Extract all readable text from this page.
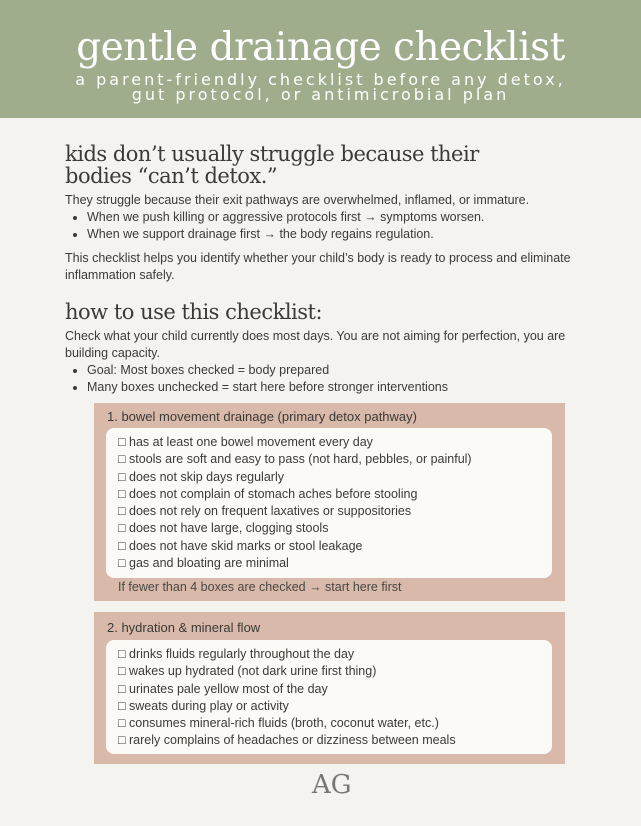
gentle drainage checklist
a parent-friendly checklist before any detox,
gut protocol, or antimicrobial plan
kids don’t usually struggle because their
bodies “can’t detox.”

They struggle because their exit pathways are overwhelmed, inflamed, or immature.

• When we push killing or aggressive protocols first → symptoms worsen.
• When we support drainage first → the body regains regulation.

This checklist helps you identify whether your child’s body is ready to process and eliminate inflammation safely.

how to use this checklist:

Check what your child currently does most days. You are not aiming for perfection, you are building capacity.

• Goal: Most boxes checked = body prepared
• Many boxes unchecked = start here before stronger interventions
1. bowel movement drainage (primary detox pathway)
□ has at least one bowel movement every day
□ stools are soft and easy to pass (not hard, pebbles, or painful)
□ does not skip days regularly
□ does not complain of stomach aches before stooling
□ does not rely on frequent laxatives or suppositories
□ does not have large, clogging stools
□ does not have skid marks or stool leakage
□ gas and bloating are minimal
If fewer than 4 boxes are checked → start here first
2. hydration & mineral flow
□ drinks fluids regularly throughout the day
□ wakes up hydrated (not dark urine first thing)
□ urinates pale yellow most of the day
□ sweats during play or activity
□ consumes mineral-rich fluids (broth, coconut water, etc.)
□ rarely complains of headaches or dizziness between meals
AG
